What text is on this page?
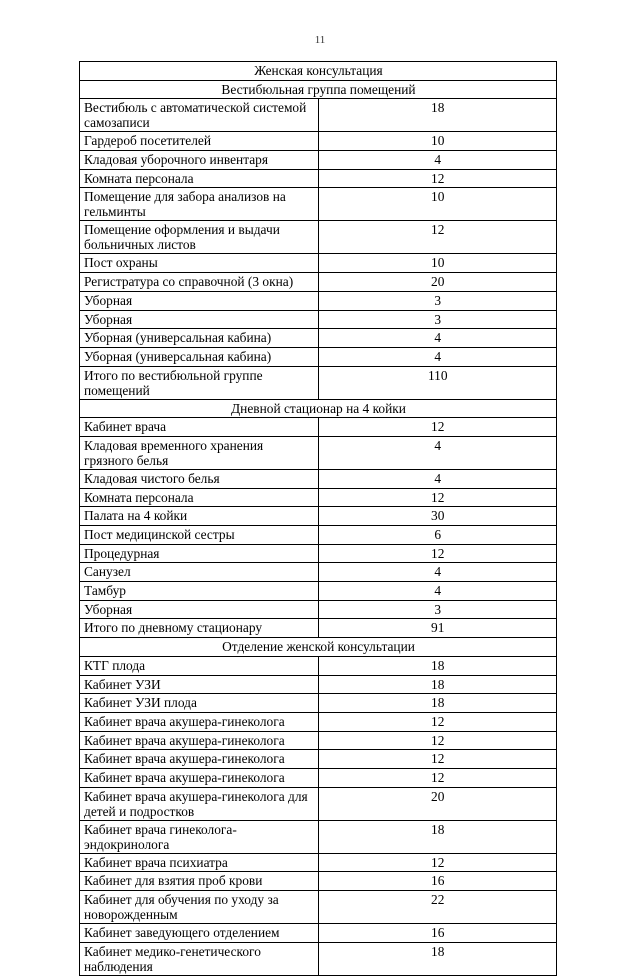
11
Женская консультация	
Вестибюльная группа помещений	
Вестибюль с автоматической системой самозаписи	18
Гардероб посетителей	10
Кладовая уборочного инвентаря	4
Комната персонала	12
Помещение для забора анализов на гельминты	10
Помещение оформления и выдачи больничных листов	12
Пост охраны	10
Регистратура со справочной (3 окна)	20
Уборная	3
Уборная	3
Уборная (универсальная кабина)	4
Уборная (универсальная кабина)	4
Итого по вестибюльной группе помещений	110
Дневной стационар на 4 койки	
Кабинет врача	12
Кладовая временного хранения грязного белья	4
Кладовая чистого белья	4
Комната персонала	12
Палата на 4 койки	30
Пост медицинской сестры	6
Процедурная	12
Санузел	4
Тамбур	4
Уборная	3
Итого по дневному стационару	91
Отделение женской консультации	
КТГ плода	18
Кабинет УЗИ	18
Кабинет УЗИ плода	18
Кабинет врача акушера-гинеколога	12
Кабинет врача акушера-гинеколога	12
Кабинет врача акушера-гинеколога	12
Кабинет врача акушера-гинеколога	12
Кабинет врача акушера-гинеколога для детей и подростков	20
Кабинет врача гинеколога-эндокринолога	18
Кабинет врача психиатра	12
Кабинет для взятия проб крови	16
Кабинет для обучения по уходу за новорожденным	22
Кабинет заведующего отделением	16
Кабинет медико-генетического наблюдения	18
